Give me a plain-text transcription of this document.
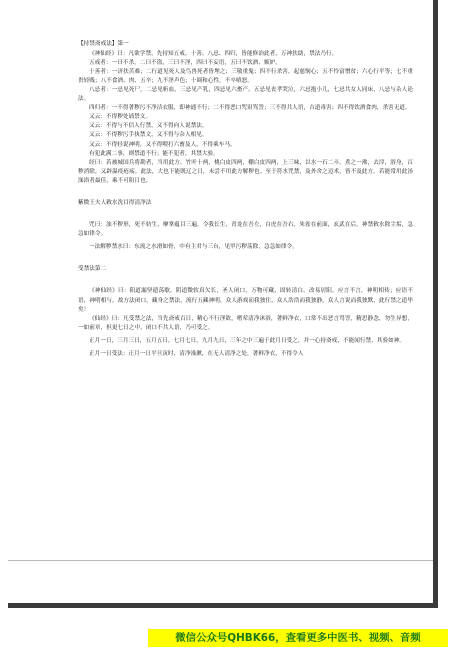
【持禁斋戒法】第一

《神仙经》曰：凡欲学禁，先持知五戒、十善、八忌、四归，皆能修治此者，万神扶助，禁法乃行。

五戒者：一曰不杀，二曰不盗，三曰不淫，四曰不妄语，五曰不饮酒、嫉妒。

十善者：一济扶苦难；二行道见死人及鸟兽死者皆埋之；三敬重鬼；四不行杀害，起慈悯心；五不怜富憎贫；六心行平等；七不重贵轻贱；八不食酒、肉、五辛；九不淫声色；十调和心性，不卒嗔怒。

八忌者：一忌见死尸，二忌见斩血，三忌见产乳，四忌见六畜产，五忌见丧孝哭泣，六忌抱小儿，七忌共女人同床，八忌与杂人论法。

四归者：一不得著秽污不净洁衣服，即神通不行；二不得恶口咒诅骂詈；三不得共人语，吉道毒害；四不得饮酒食肉，杀害无道。

又云：不得秽处诵禁文。

又云：不得与不信人行禁，又不得向人说禁法。

又云：不得秽污手执禁文，又不得与杂人相见。

又云：不得轻说神明。又不得喂打六畜及人，不得乘车马。

有犯此满二事，则禁道不行；能不犯者，其禁大验。

经曰：若被城国兵将勘者，当用此方。竹叶十两，桃白皮四两，棚白皮四两，上三味，以水一石二斗，煮之一沸，去滓，浴身，百秽消除，又辟温疫疮疡。此法，大也下能既辽之日，未尝不用此方解秽也。至于符水咒禁，及外舍之迈术，皆不及此方。若能常用此汤澡浴者最佳，乘不可阻日也。

紫微王夫人敕水洗目得清净法

咒曰：浊不秽形，死不妨生，摩掌蕴目三遍，令我长生，青龙在吾左，白虎在吾右，朱雀在前面，玄武在后，神禁敕水除尘垢，急急如律令。

一法解秽禁水曰：东流之水滑如骨，中有主君与三台，见甲污秽荡除，急急如律令。

受禁法第二

《神仙经》曰：阳道漏坚遗荡歇，阴道微软真欠长，圣人闭口，万物可藏，固转清白，改易居阳，应言不言，神明相传；应语不语，神明相与，故方法闭口，藏身之禁法，流行五藏神明，众人游戏而我独住，众人浩浩而我独静，众人言说而我独默，此行禁之道毕矣！

《仙经》曰：凡受禁之法，当先斋戒百日，精心不行淫欲，嗜荤清净沐浴，著鲜净衣，口常不出恶言骂詈，精思静念，勿生异想，一如前章，但更七日之中，闭口不共人语，乃可受之。

正月一日，三月三日，五月五日，七月七日，九月九日，三年之中三遍于此月日受之，并一心持斋戒，不能闻行禁，其验如神。

正月一日受法：正月一日平旦寅时，清净澡漱，在无人清净之处，著鲜净衣，不得令人

微信公众号QHBK66，查看更多中医书、视频、音频
